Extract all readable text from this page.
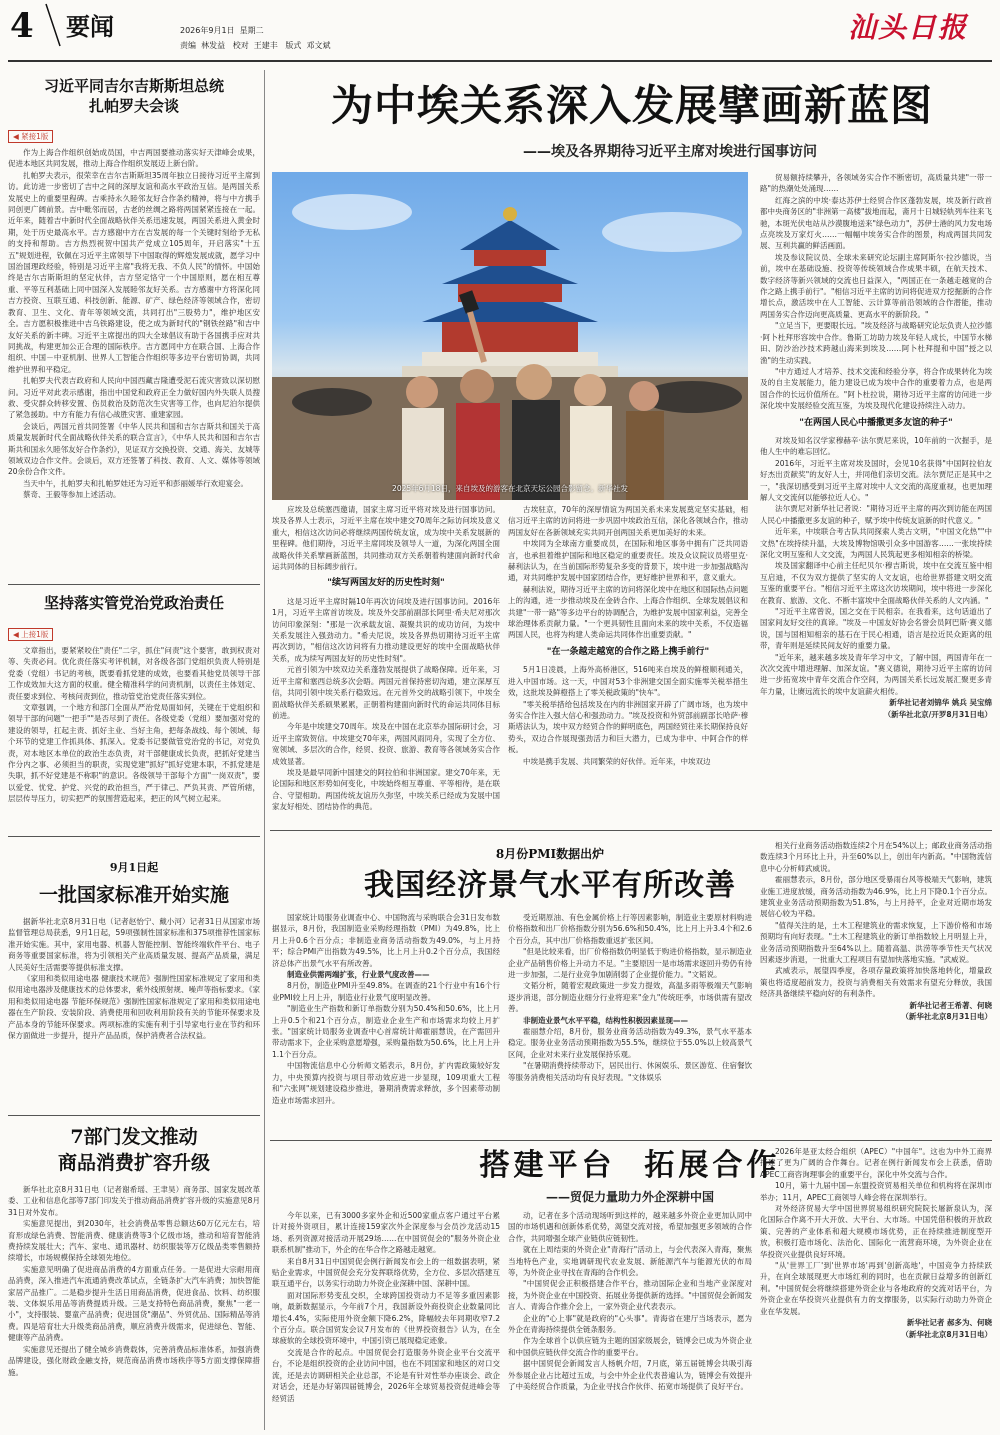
4 要闻	2026年9月1日  星期二
责编  林发益   校对  王建丰   版式  邓文斌
汕头日报
习近平同吉尔吉斯斯坦总统
扎帕罗夫会谈
◀ 紧接1版

作为上海合作组织创始成员国，中吉两国要推动落实好天津峰会成果，促进本地区共同发展，推动上海合作组织发展迈上新台阶。

扎帕罗夫表示，很荣幸在吉尔吉斯斯坦35周年独立日接待习近平主席到访。此访进一步密切了吉中之间的深厚友谊和高水平政治互信。是两国关系发展史上的重要里程碑。吉乘持永久睦邻友好合作条约精神，将与中方携手同创更广阔前景。吉中毗邻而居，古老的丝绸之路将两国紧紧连接在一起。近年来，随着吉中新时代全面战略伙伴关系迅速发展，两国关系进入黄金时期，处于历史最高水平。吉方感谢中方在吉发展的每一个关键时刻给予无私的支持和帮助。吉方热烈祝贺中国共产党成立105周年，开启落实"十五五"规划进程，钦佩在习近平主席领导下中国取得的辉煌发展成就，愿学习中国治国理政经验，特别是习近平主席"我将无我、不负人民"的情怀。中国始终是吉尔吉斯斯坦的坚定伙伴，吉方坚定恪守一个中国原则，愿在相互尊重、平等互利基础上同中国深入发展睦邻友好关系。吉方感谢中方将深化同吉方投资、互联互通、科技创新、能源、矿产、绿色经济等领域合作，密切教育、卫生、文化、青年等领域交流，共同打出"三股势力"，维护地区安全。吉方愿积极推进中吉乌铁路建设，使之成为新时代的"钢铁丝路"和吉中友好关系的新丰碑。习近平主席提出的四大全球倡议有助于各国携手应对共同挑战，构建更加公正合理的国际秩序。吉方愿同中方在联合国、上海合作组织、中国－中亚机制、世界人工智能合作组织等多边平台密切协调，共同维护世界和平稳定。

扎帕罗夫代表吉政府和人民向中国西藏吉隆遭受泥石流灾害致以深切慰问。习近平对此表示感谢，指出中国党和政府正全力做好国内外失联人员搜救、受灾群众转移安置、伤员救治及防范次生灾害等工作，也向尼泊尔提供了紧急援助。中方有能力有信心战胜灾害、重建家园。

会谈后，两国元首共同签署《中华人民共和国和吉尔吉斯共和国关于高质量发展新时代全面战略伙伴关系的联合宣言》，《中华人民共和国和吉尔吉斯共和国永久睦邻友好合作条约》，见证双方交换投资、交通、海关、友城等领域双边合作文件。会谈后，双方还签署了科技、教育、人文、媒体等领域20余份合作文件。

当天中午，扎帕罗夫和扎帕罗娃还为习近平和彭丽媛举行欢迎宴会。

蔡奇、王毅等参加上述活动。

坚持落实管党治党政治责任
◀ 上接1版

文章指出，要紧紧咬住"责任"二字，抓住"问责"这个要害，敢到权责对等、失责必问。优化责任落实考评机制，对各级各部门党组织负责人特别是党委（党组）书记的考核，既要看抓党建的成效，也要看其他党员领导干部工作成效加大这方面的权重。健全精准科学的问责机制，以责任主体划定、责任要求到位、考核问责到位，推动管党治党责任落实到位。

文章强调，一个地方和部门全面从严治党局面如何，关键在于党组织和领导干部的问题"一把手""是否尽到了责任。各级党委（党组）要加强对党的建设的领导，扛起主责、抓好主业、当好主角，把每条战线、每个领域、每个环节的党建工作抓具体、抓深入。党委书记要做管党治党的书记，对党负责，对本地区本单位的政治生态负责，对干部健康成长负责，把抓好党建当作分内之事、必须担当的职责，实现党建"抓好"抓好党建本职，不抓党建是失职，抓不好党建是不称职"的意识。各级领导干部每个方面"一岗双责"，要以爱党、忧党、护党、兴党的政治担当，严于律己、严负其责、严管所辖，层层传导压力，切实把严的氛围营造起来，把正的风气树立起来。

9月1日起
一批国家标准开始实施

据新华社北京8月31日电（记者赵怡宁、戴小河）记者31日从国家市场监督管理总局获悉，9月1日起，59项强制性国家标准和375项推荐性国家标准开始实施。其中，家用电器、机器人智能控制、智能终端软件平台、电子商务等重要国家标准，将为引领相关产业高质量发展、提高产品质量，满足人民美好生活需要等提供标准支撑。

《家用和类似用途电器 健康技术规范》强制性国家标准规定了家用和类似用途电器涉及健康技术的总体要求，紫外线照射规、噪声等指标要求。《家用和类似用途电器 节能环保规范》强制性国家标准规定了家用和类似用途电器在生产阶段、安装阶段、消费使用和回收利用阶段有关的节能环保要求及产品本身的节能环保要求。两项标准的实施有利于引导家电行业在节约和环保方面做进一步提升，提升产品品质，保护消费者合法权益。

7部门发文推动
商品消费扩容升级

新华社北京8月31日电（记者谢希瑶、王聿昊）商务部、国家发展改革委、工业和信息化部等7部门印发关于推动商品消费扩容升级的实施意见8月31日对外发布。

实施意见提出，到2030年，社会消费品零售总额达60万亿元左右，培育形成绿色消费、智能消费、健康消费等3个亿级市场，推动和培育智能消费持续发展壮大；汽车、家电、通讯器材、纺织服装等万亿级品类零售额持续增长，市场规模保持全球领先地位。

实施意见明确了促进商品消费的4方面重点任务。一是促进大宗耐用商品消费，深入推进汽车流通消费改革试点，全链条扩大汽车消费；加快智能家居产品推广。二是稳步提升生活日用商品消费，促进食品、饮料、纺织服装、文体娱乐用品等消费提质升级。三是支持特色商品消费，聚焦"一老一小"，支持服装、婴童产品消费；促进国货"潮品"、外贸优品、国际精品等消费。四是培育壮大升级类商品消费，顺应消费升级需求，促进绿色、智能、健康等产品消费。

实施意见还提出了健全城乡消费载体，完善消费品标准体系，加强消费品牌建设，强化财政金融支持，规范商品消费市场秩序等5方面支撑保障措施。

为中埃关系深入发展擘画新蓝图
——埃及各界期待习近平主席对埃进行国事访问
2025年6月18日，来自埃及的游客在北京天坛公园合影留念。新华社发

应埃及总统塞西邀请，国家主席习近平将对埃及进行国事访问。埃及各界人士表示，习近平主席在埃中建交70周年之际访问埃及意义重大，相信这次访问必将继续两国传统友谊，成为埃中关系发展新的里程碑。他们期待，习近平主席同埃及领导人一道，为深化两国全面战略伙伴关系擘画新蓝图，共同推动双方关系朝着构建面向新时代命运共同体的目标阔步前行。

"续写两国友好的历史性时刻"

这是习近平主席时隔10年再次访问埃及进行国事访问。2016年1月，习近平主席首访埃及。埃及外交部前副部长阿里·希夫尼对那次访问印象深刻："那是一次承载友谊、凝聚共识的成功访问，为埃中关系发展注入强劲动力。"希夫尼说，埃及各界热切期待习近平主席再次到访，"相信这次访问将有力推动建设更好的埃中全面战略伙伴关系，成为续写两国友好的历史性时刻"。

元首引领为中埃双边关系蓬勃发展提供了战略保障。近年来，习近平主席和塞西总统多次会晤。两国元首保持密切沟通，建立深厚互信，共同引领中埃关系行稳致远。在元首外交的战略引领下，中埃全面战略伙伴关系硕果累累，正朝着构建面向新时代的命运共同体目标前进。

今年是中埃建交70周年。埃及在中国在北京举办国际研讨会，习近平主席致贺信。中埃建交70年来，两国风雨同舟，实现了全方位、宽领域、多层次的合作，经贸、投资、旅游、教育等各领域务实合作成效显著。

埃及是最早同新中国建交的阿拉伯和非洲国家。建交70年来，无论国际和地区形势如何变化，中埃始终相互尊重、平等相待，是在联合、守望相助。两国传统友谊历久弥坚，中埃关系已经成为发展中国家友好相处、团结协作的典范。

古埃驻京，70年的深厚情谊为两国关系未来发展奠定坚实基础，相信习近平主席的访问将进一步巩固中埃政治互信，深化各领域合作，推动两国友好在各新领域充实共同开创两国关系更加美好的未来。

中埃同为全球南方重要成员，在国际和地区事务中拥有广泛共同语言，也承担着维护国际和地区稳定的重要责任。埃及众议院议员塔里克·赫利法认为，在当前国际形势复杂多变的背景下，埃中进一步加强战略沟通，对共同维护发展中国家团结合作，更好维护世界和平，意义重大。

赫利法说，期待习近平主席的访问将深化埃中在地区和国际热点问题上的沟通，进一步推动埃及在金砖合作、上海合作组织、全球发展倡议和共建"一带一路"等多边平台的协调配合，为维护发展中国家利益，完善全球治理体系贡献力量。"一个更具韧性且面向未来的埃中关系，不仅造福两国人民，也将为构建人类命运共同体作出重要贡献。"

"在一条越走越宽的合作之路上携手前行"

5月1日凌晨，上海外高桥港区，516吨来自埃及的鲜橙顺利通关，进入中国市场。这一天，中国对53个非洲建交国全面实施零关税举措生效，这批埃及鲜橙搭上了零关税政策的"快车"。

"零关税举措给包括埃及在内的非洲国家开辟了广阔市场，也为埃中务实合作注入强大信心和强劲动力。"埃及投资和外贸部前副部长哈萨·穆斯塔法认为，埃中双方经贸合作的鲜明底色，两国经贸往来长期保持良好势头，双边合作展现强劲活力和巨大潜力，已成为非中、中阿合作的样板。

中埃是携手发展、共同繁荣的好伙伴。近年来，中埃双边

贸易额持续攀升，各领域务实合作不断密切，高质量共建"一带一路"的热潮处处涌现……

红海之滨的中埃·泰达苏伊士经贸合作区蓬勃发展，埃及新行政首都中央商务区的"非洲第一高楼"拔地而起，斋月十日城轻轨列车往来飞驰，本斑光伏电站从沙漠腹地送来"绿色动力"，苏伊士港的风力发电场点亮埃及万家灯火……一幅幅中埃务实合作的图景，构成两国共同发展、互利共赢的鲜活画面。

埃及参议院议员、全球未来研究论坛副主席阿斯尔·拉沙德说，当前，埃中在基础设施、投资等传统领域合作成果丰硕，在航天技术、数字经济等新兴领域的交流也日益深入，"两国正在一条越走越宽的合作之路上携手前行"。"相信习近平主席的访问将促进双方挖掘新的合作增长点，激活埃中在人工智能、云计算等前沿领域的合作潜能，推动两国务实合作迈向更高质量、更高水平的新阶段。"

"立足当下，更要眼长远。"埃及经济与战略研究论坛负责人拉沙德·阿卜杜拜形容埃中合作。鲁斯工坊助力埃及年轻人成长，中国节水梯田、防沙治沙技术跨越山海来到埃及……阿卜杜拜提和中国"授之以渔"的生动实践。

"中方通过人才培养、技术交流和经验分享，将合作成果转化为埃及的自主发展能力，能力建设已成为埃中合作的重要着力点，也是两国合作的长远价值所在。"阿卜杜拉说，期待习近平主席的访问进一步深化埃中发展经验交流互鉴，为埃及现代化建设持续注入动力。

"在两国人民心中播撒更多友谊的种子"

对埃及知名汉学家穆赫辛·法尔贾尼来说，10年前的一次握手，是他人生中的难忘回忆。

2016年，习近平主席对埃及国时，会见10名获得"中国阿拉伯友好杰出贡献奖"的友好人士，并同他们亲切交流。法尔贾尼正是其中之一，"我深切感受到习近平主席对埃中人文交流的高度重视，也更加理解人文交流何以能够拉近人心。"

法尔贾尼对新华社记者说："期待习近平主席的再次到访能在两国人民心中播撒更多友谊的种子，赋予埃中传统友谊新的时代意义。"

近年来，中埃联合考古队共同探索人类古文明，"中国文化热""中文热"在埃持续升温，大埃及博物馆吸引众多中国游客……一张埃持续深化文明互鉴和人文交流，为两国人民筑起更多相知相亲的桥梁。

埃及国家翻译中心前主任纪贝尔·穆吉斯说，埃中在交流互鉴中相互启迪，不仅为双方提供了坚实的人文友谊，也给世界搭建文明交流互鉴的重要平台。"相信习近平主席这次访埃期间，埃中将进一步深化在教育、旅游、文化、不断丰富埃中全面战略伙伴关系的人文内涵。"

"习近平主席曾说，国之交在于民相亲。在我看来，这句话道出了国家间友好交往的真谛。"埃及－中国友好协会名誉会员阿巴斯·赛义德说，国与国相知相亲的基石在于民心相通，语言是拉近民众距离的纽带，青年则是延续民间友好的重要力量。

"近年来，越来越多埃及青年学习中文，了解中国，两国青年在一次次交流中增进理解、加深友谊。"赛义德说，期待习近平主席的访问进一步拓宽埃中青年交流合作空间，为两国关系长远发展汇聚更多青年力量，让赓远流长的埃中友谊薪火相传。

新华社记者刘锦华 姚兵 吴宝绵
（新华社北京/开罗8月31日电）
8月份PMI数据出炉
我国经济景气水平有所改善

国家统计局服务业调查中心、中国物流与采购联合会31日发布数据显示，8月份，我国制造业采购经理指数（PMI）为49.8%，比上月上升0.6个百分点；非制造业商务活动指数为49.0%，与上月持平；综合PMI产出指数为49.5%，比上月上升0.2个百分点，我国经济总体产出景气水平有所改善。

制造业供需两端扩张，行业景气度改善——

8月份，制造业PMI升至49.8%。在调查的21个行业中有16个行业PMI较上月上升，制造业行业景气度明显改善。

"制造业生产指数和新订单指数分别为50.4%和50.6%，比上月上升0.5个和21个百分点，制造业企业生产和市场需求均较上月扩张。"国家统计局服务业调查中心首席统计师霍丽慧说，在产需回升带动需求下，企业采购意愿增强，采购量指数为50.6%，比上月上升1.1个百分点。

中国物流信息中心分析师文韬表示，8月份，扩内需政策较好发力，中央预算内投资与项目带动效应进一步显现，109项重大工程和"六张网"规划建设稳步推进，暑期消费需求释放，多个因素带动制造业市场需求回升。

受近期原油、有色金属价格上行等因素影响，制造业主要原材料购进价格指数和出厂价格指数分别为56.6%和50.4%，比上月上升3.4个和2.6个百分点，其中出厂价格指数重返扩张区间。

"但是比较来看，出厂价格指数仍明显低于购进价格指数，显示制造业企业产品销售价格上升动力不足。"主要原因一是市场需求逐回升势仍有待进一步加强，二是行业竞争加剧削弱了企业提价能力。"文韬说。

文韬分析，随着宏观政策进一步发力提效，高温多雨等极端天气影响逐步消退，部分制造业细分行业将迎来"金九"传统旺季，市场供需有望改善。

非制造业景气水平平稳，结构性积极因素显现——

霍丽慧介绍，8月份，服务业商务活动指数为49.3%，景气水平基本稳定。服务业业务活动预期指数为55.5%，继续位于55.0%以上较高景气区间，企业对未来行业发展保持乐观。

"在暑期消费持续带动下，居民出行、休闲娱乐、景区游览、住宿餐饮等服务消费相关活动均有良好表现。"文体娱乐

相关行业商务活动指数连续2个月在54%以上；邮政业商务活动指数连续3个月环比上升，升至60%以上，创出年内新高。"中国物流信息中心分析师武威说。

霍丽慧表示，8月份，部分地区受暴雨台风等极端天气影响，建筑业施工进度放缓，商务活动指数为46.9%，比上月下降0.1个百分点。建筑业业务活动预期指数为51.8%，与上月持平，企业对近期市场发展信心较为平稳。

"值得关注的是，土木工程建筑业的需求恢复，上下游价格和市场预期均有向好表现。"土木工程建筑业的新订单指数较上月明显上升，业务活动预期指数升至64%以上。随着高温、洪涝等季节性天气状况因素逐步消退，一批重大工程项目有望加快落地实施。"武威说。

武威表示，展望四季度，各项存量政策将加快落地转化，增量政策也将适度超前发力，投资与消费相关有效需求有望充分释放，我国经济具备继续平稳向好的有利条件。

新华社记者王希著、何晓
（新华社北京8月31日电）
搭建平台  拓展合作
——贸促力量助力外企深耕中国

今年以来，已有3000多家外企和近500家重点客户通过平台累计对接外资项目，累计连接159家次外企深度参与会员沙龙活动15场、系列资源对接活动开展29场……在中国贸促会的"服务外资企业联系机制"推动下，外企的在华合作之路越走越宽。

来自8月31日中国贸促会例行新闻发布会上的一组数据表明，紧贴企业需求，中国贸促会充分发挥联络优势，全方位、多层次搭建互联互通平台，以务实行动助力外资企业深耕中国、深耕中国。

面对国际形势变乱交织，全球跨国投资动力不足等多重因素影响，最新数据显示，今年前7个月，我国新设外商投资企业数量同比增长4.4%，实际使用外资金额下降6.2%，降幅较去年同期收窄7.2个百分点。联合国贸发会议7月发布的《世界投资报告》认为，在全球疲软的全球投资环境中，中国引资已展现稳定迹象。

交流是合作的起点。中国贸促会打造服务外资企业平台交流平台，不论是组织投资的企业访问中国，也在不同国家和地区的对口交流，还是去访调研相关企业总部，不论是有针对性举办座谈会、政企对话会，还是办好第四届链博会，2026年全球贸易投资促进峰会等经贸活

动，记者在多个活动现场听到这样的，越来越多外资企业更加认同中国的市场机遇和创新体系优势，渴望交流对接，希望加强更多领域的合作合作，共同增强全球产业链供应链韧性。

就在上周结束的外资企业"青海行"活动上，与会代表深入青海，聚焦当地特色产业，实地调研现代农业发展、新能源汽车与能源光伏的布局等，为外资企业寻找在青海的合作机会。

"中国贸促会正积极搭建合作平台，推动国际企业和当地产业深度对接，为外资企业在中国投资、拓展业务提供新的选择。"中国贸促会新闻发言人、青海合作推介会上，一家外资企业代表表示。

企业的"心上事"就是政府的"心头事"。青海省在建厅当场表示，愿为外企在青海持续提供全链条服务。

作为全球首个以供应链为主题的国家级展会，链博会已成为外资企业和中国供应链伙伴交流合作的重要平台。

据中国贸促会新闻发言人杨帆介绍，7月底，第五届链博会共吸引海外参展企业占比超过五成，与会中外企业代表普遍认为，链博会有效提升了中美经贸合作质量，为企业寻找合作伙伴、拓宽市场提供了良好平台。

2026年是亚太经合组织（APEC）"中国年"。这也为中外工商界搭建了更为广阔的合作舞台。记者在例行新闻发布会上获悉，借助APEC工商咨询理事会的重要平台，深化中外交流与合作。

10月，第十九届中国—东盟投资贸易相关单位和机构将在深圳市举办；11月，APEC工商领导人峰会将在深圳举行。

对外经济贸易大学中国世界贸易组织研究院院长屠新泉认为，深化国际合作离不开大开放、大平台、大市场。中国凭借积极的开放政策、完善的产业体系和超大规模市场优势，正在持续推进制度型开放，积极打造市场化、法治化、国际化一流营商环境，为外资企业在华投资兴业提供良好环境。

"从'世界工厂'到'世界市场'再到'创新高地'，中国竞争力持续跃升，在向全球展现更大市场红利的同时，也在贡献日益增多的创新红利。"中国贸促会将继续搭建外资企业与各地政府的交流对话平台，为外资企业在华投资兴业提供有力的支撑服务，以实际行动助力外资企业在华发展。

新华社记者 郝多为、何晓
（新华社北京8月31日电）
